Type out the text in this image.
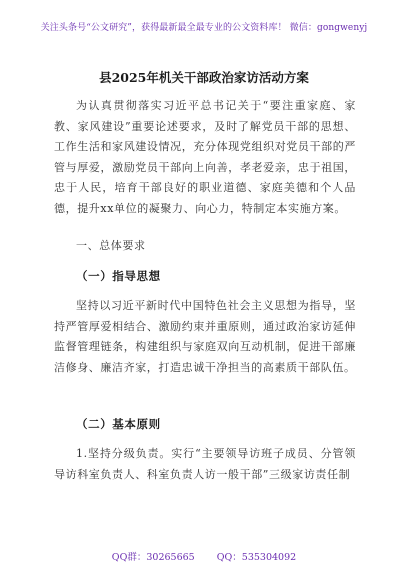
关注头条号“公文研究”，获得最新最全最专业的公文资料库！ 微信：gongwenyj
县2025年机关干部政治家访活动方案
为认真贯彻落实习近平总书记关于“要注重家庭、家教、家风建设”重要论述要求，及时了解党员干部的思想、工作生活和家风建设情况，充分体现党组织对党员干部的严管与厚爱，激励党员干部向上向善，孝老爱亲，忠于祖国，忠于人民，培育干部良好的职业道德、家庭美德和个人品德，提升xx单位的凝聚力、向心力，特制定本实施方案。
一、总体要求
（一）指导思想
坚持以习近平新时代中国特色社会主义思想为指导，坚持严管厚爱相结合、激励约束并重原则，通过政治家访延伸监督管理链条，构建组织与家庭双向互动机制，促进干部廉洁修身、廉洁齐家，打造忠诚干净担当的高素质干部队伍。
（二）基本原则
1.坚持分级负责。实行“主要领导访班子成员、分管领导访科室负责人、科室负责人访一般干部”三级家访责任制
QQ群：30265665 QQ：535304092
